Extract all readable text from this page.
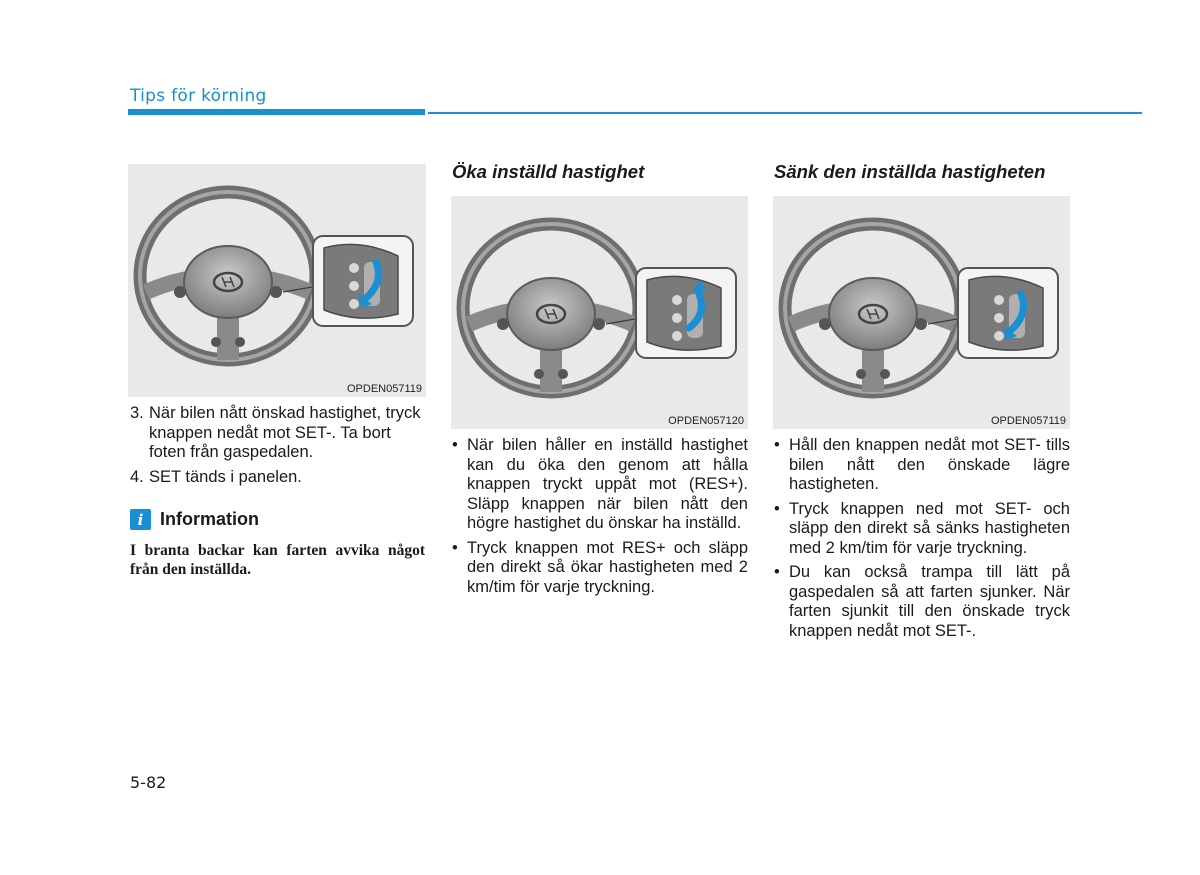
Tips för körning
Öka inställd hastighet	Sänk den inställda hastigheten
OPDEN057119
OPDEN057120	OPDEN057119
3. När bilen nått önskad hastighet, tryck knappen nedåt mot SET-. Ta bort foten från gaspedalen.
4. SET tänds i panelen.
i Information

I branta backar kan farten avvika något från den inställda.

• När bilen håller en inställd hastighet kan du öka den genom att hålla knappen tryckt uppåt mot (RES+). Släpp knappen när bilen nått den högre hastighet du önskar ha inställd.
• Tryck knappen mot RES+ och släpp den direkt så ökar hastigheten med 2 km/tim för varje tryckning.
• Håll den knappen nedåt mot SET- tills bilen nått den önskade lägre hastigheten.
• Tryck knappen ned mot SET- och släpp den direkt så sänks hastigheten med 2 km/tim för varje tryckning.
• Du kan också trampa till lätt på gaspedalen så att farten sjunker. När farten sjunkit till den önskade tryck knappen nedåt mot SET-.
5-82
